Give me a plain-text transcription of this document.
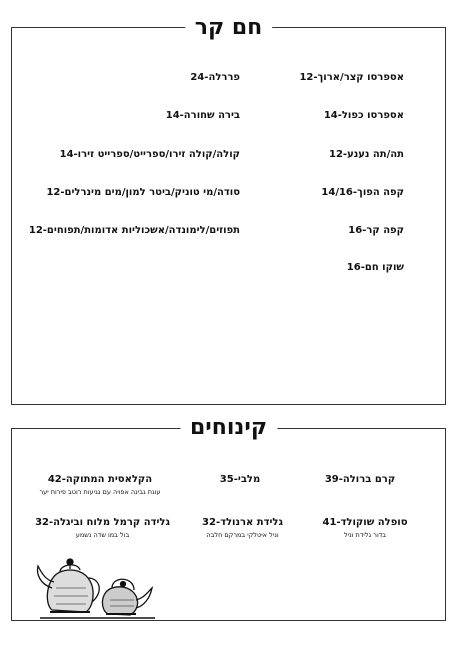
חם קר
אספרסו קצר/ארוך-12
אספרסו כפול-14
תה/תה נענע-12
קפה הפוך-14/16
קפה קר-16
שוקו חם-16
פררלה-24
בירה שחורה-14
קולה/קולה זירו/ספרייט/ספרייט זירו-14
סודה/מי טוניק/ביטר למון/מים מינרלים-12
תפוזים/לימונדה/אשכוליות אדומות/תפוחים-12
קינוחים
קרם ברולה-39
מלבי-35
הקלאסית המתוקה-42
עוגת גבינה אפויה עם גגיעות רוטב פירות יער
סופלה שוקולד-41
בדור גלידת וניל
גלידת ארנולד-32
וניל איטלקי במרקם חלבה
גלידה קרמל מלוח וביגלה-32
בול במו שדה נשמע
